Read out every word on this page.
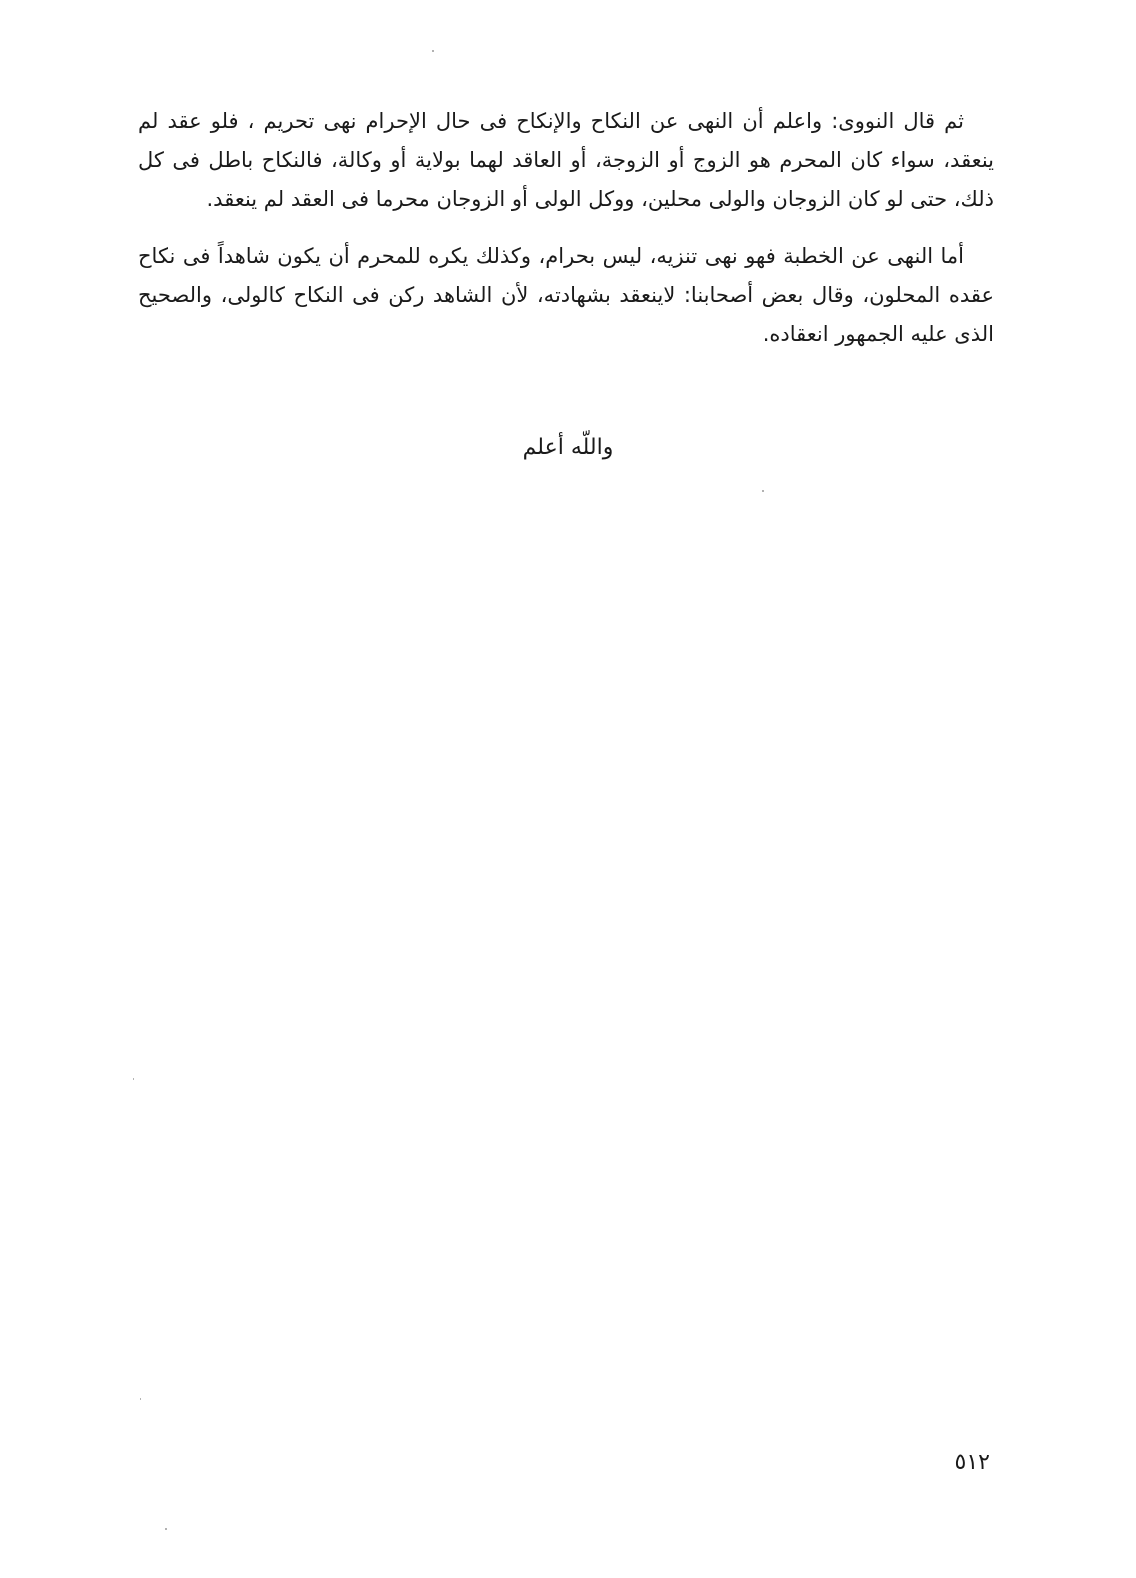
ثم قال النووى: واعلم أن النهى عن النكاح والإنكاح فى حال الإحرام نهى تحريم ، فلو عقد لم ينعقد، سواء كان المحرم هو الزوج أو الزوجة، أو العاقد لهما بولاية أو وكالة، فالنكاح باطل فى كل ذلك، حتى لو كان الزوجان والولى محلين، ووكل الولى أو الزوجان محرما فى العقد لم ينعقد.

أما النهى عن الخطبة فهو نهى تنزيه، ليس بحرام، وكذلك يكره للمحرم أن يكون شاهداً فى نكاح عقده المحلون، وقال بعض أصحابنا: لاينعقد بشهادته، لأن الشاهد ركن فى النكاح كالولى، والصحيح الذى عليه الجمهور انعقاده.

واللّه أعلم

٥١٢
